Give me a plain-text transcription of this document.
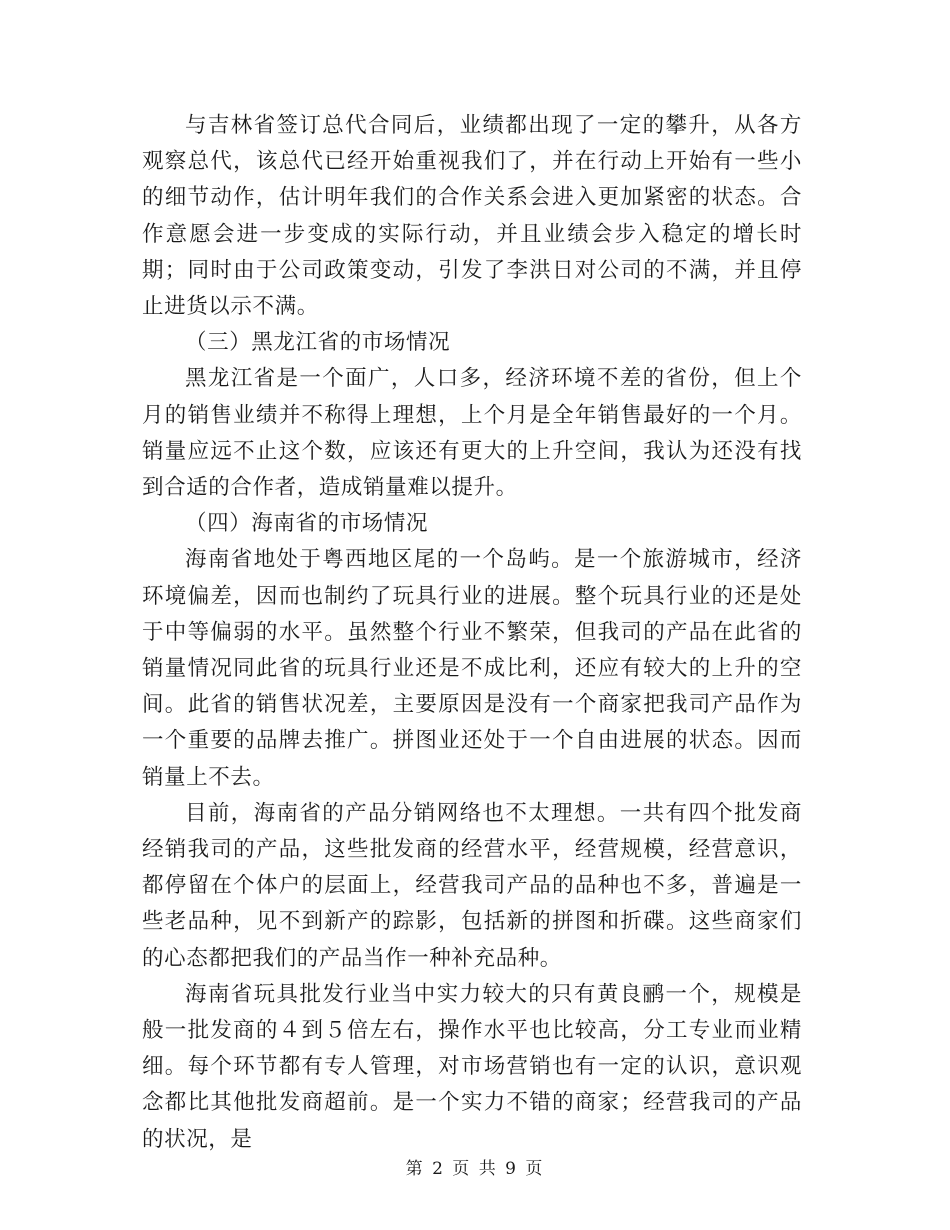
与吉林省签订总代合同后，业绩都出现了一定的攀升，从各方观察总代，该总代已经开始重视我们了，并在行动上开始有一些小的细节动作，估计明年我们的合作关系会进入更加紧密的状态。合作意愿会进一步变成的实际行动，并且业绩会步入稳定的增长时期；同时由于公司政策变动，引发了李洪日对公司的不满，并且停止进货以示不满。

（三）黑龙江省的市场情况

黑龙江省是一个面广，人口多，经济环境不差的省份，但上个月的销售业绩并不称得上理想，上个月是全年销售最好的一个月。销量应远不止这个数，应该还有更大的上升空间，我认为还没有找到合适的合作者，造成销量难以提升。

（四）海南省的市场情况

海南省地处于粤西地区尾的一个岛屿。是一个旅游城市，经济环境偏差，因而也制约了玩具行业的进展。整个玩具行业的还是处于中等偏弱的水平。虽然整个行业不繁荣，但我司的产品在此省的销量情况同此省的玩具行业还是不成比利，还应有较大的上升的空间。此省的销售状况差，主要原因是没有一个商家把我司产品作为一个重要的品牌去推广。拼图业还处于一个自由进展的状态。因而销量上不去。

目前，海南省的产品分销网络也不太理想。一共有四个批发商经销我司的产品，这些批发商的经营水平，经营规模，经营意识，都停留在个体户的层面上，经营我司产品的品种也不多，普遍是一些老品种，见不到新产的踪影，包括新的拼图和折碟。这些商家们的心态都把我们的产品当作一种补充品种。

海南省玩具批发行业当中实力较大的只有黄良鹂一个，规模是般一批发商的４到５倍左右，操作水平也比较高，分工专业而业精细。每个环节都有专人管理，对市场营销也有一定的认识，意识观念都比其他批发商超前。是一个实力不错的商家；经营我司的产品的状况，是

第 2 页 共 9 页
